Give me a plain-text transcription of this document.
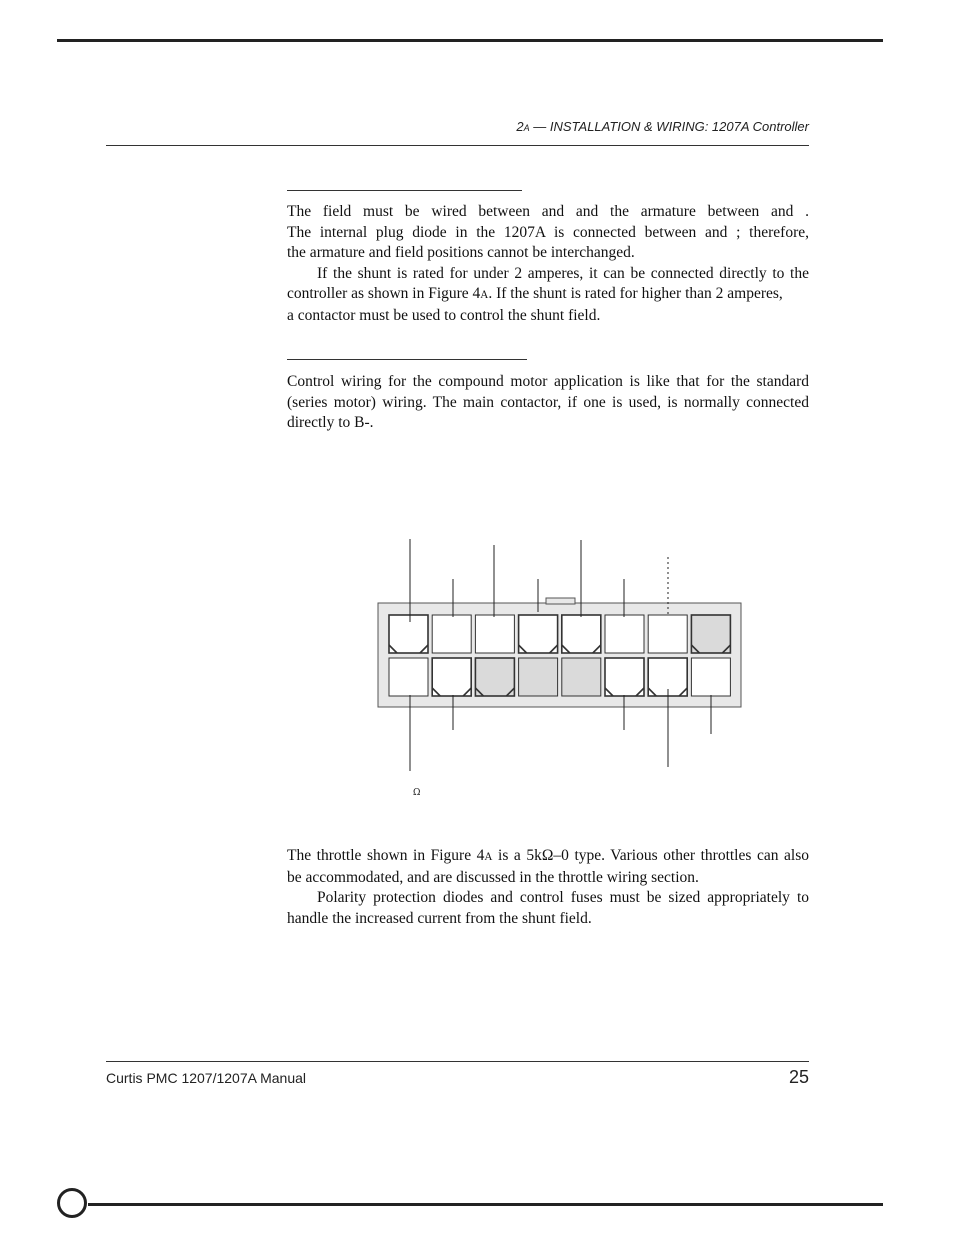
2A — INSTALLATION & WIRING: 1207A Controller
The field must be wired between and and the armature between and .
The internal plug diode in the 1207A is connected between and ; therefore,
the armature and field positions cannot be interchanged.
If the shunt is rated for under 2 amperes, it can be connected directly to the
controller as shown in Figure 4A. If the shunt is rated for higher than 2 amperes,
a contactor must be used to control the shunt field.
Control wiring for the compound motor application is like that for the standard
(series motor) wiring. The main contactor, if one is used, is normally connected
directly to B-.
Ω
The throttle shown in Figure 4A is a 5kΩ–0 type. Various other throttles can also
be accommodated, and are discussed in the throttle wiring section.
Polarity protection diodes and control fuses must be sized appropriately to
handle the increased current from the shunt field.
Curtis PMC 1207/1207A Manual	25
